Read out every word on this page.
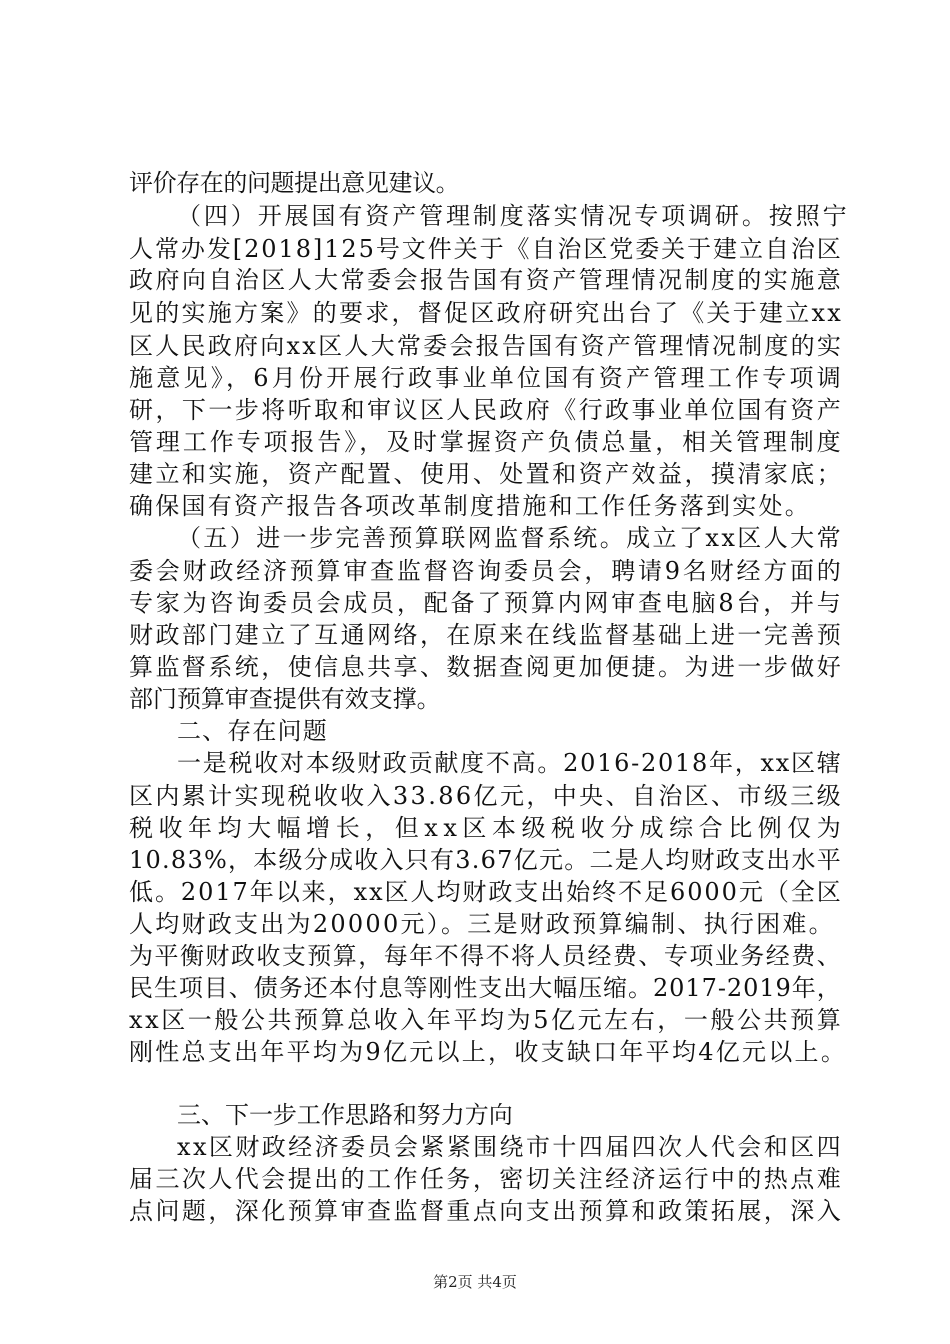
评价存在的问题提出意见建议。
（四）开展国有资产管理制度落实情况专项调研。按照宁
人常办发[2018]125号文件关于《自治区党委关于建立自治区
政府向自治区人大常委会报告国有资产管理情况制度的实施意
见的实施方案》的要求，督促区政府研究出台了《关于建立xx
区人民政府向xx区人大常委会报告国有资产管理情况制度的实
施意见》，6月份开展行政事业单位国有资产管理工作专项调
研，下一步将听取和审议区人民政府《行政事业单位国有资产
管理工作专项报告》，及时掌握资产负债总量，相关管理制度
建立和实施，资产配置、使用、处置和资产效益，摸清家底；
确保国有资产报告各项改革制度措施和工作任务落到实处。
（五）进一步完善预算联网监督系统。成立了xx区人大常
委会财政经济预算审查监督咨询委员会，聘请9名财经方面的
专家为咨询委员会成员，配备了预算内网审查电脑8台，并与
财政部门建立了互通网络，在原来在线监督基础上进一完善预
算监督系统，使信息共享、数据查阅更加便捷。为进一步做好
部门预算审查提供有效支撑。
二、存在问题
一是税收对本级财政贡献度不高。2016-2018年，xx区辖
区内累计实现税收收入33.86亿元，中央、自治区、市级三级
税收年均大幅增长，但xx区本级税收分成综合比例仅为
10.83%，本级分成收入只有3.67亿元。二是人均财政支出水平
低。2017年以来，xx区人均财政支出始终不足6000元（全区
人均财政支出为20000元）。三是财政预算编制、执行困难。
为平衡财政收支预算，每年不得不将人员经费、专项业务经费、
民生项目、债务还本付息等刚性支出大幅压缩。2017-2019年，
xx区一般公共预算总收入年平均为5亿元左右，一般公共预算
刚性总支出年平均为9亿元以上，收支缺口年平均4亿元以上。
三、下一步工作思路和努力方向
xx区财政经济委员会紧紧围绕市十四届四次人代会和区四
届三次人代会提出的工作任务，密切关注经济运行中的热点难
点问题，深化预算审查监督重点向支出预算和政策拓展，深入
第2页 共4页
